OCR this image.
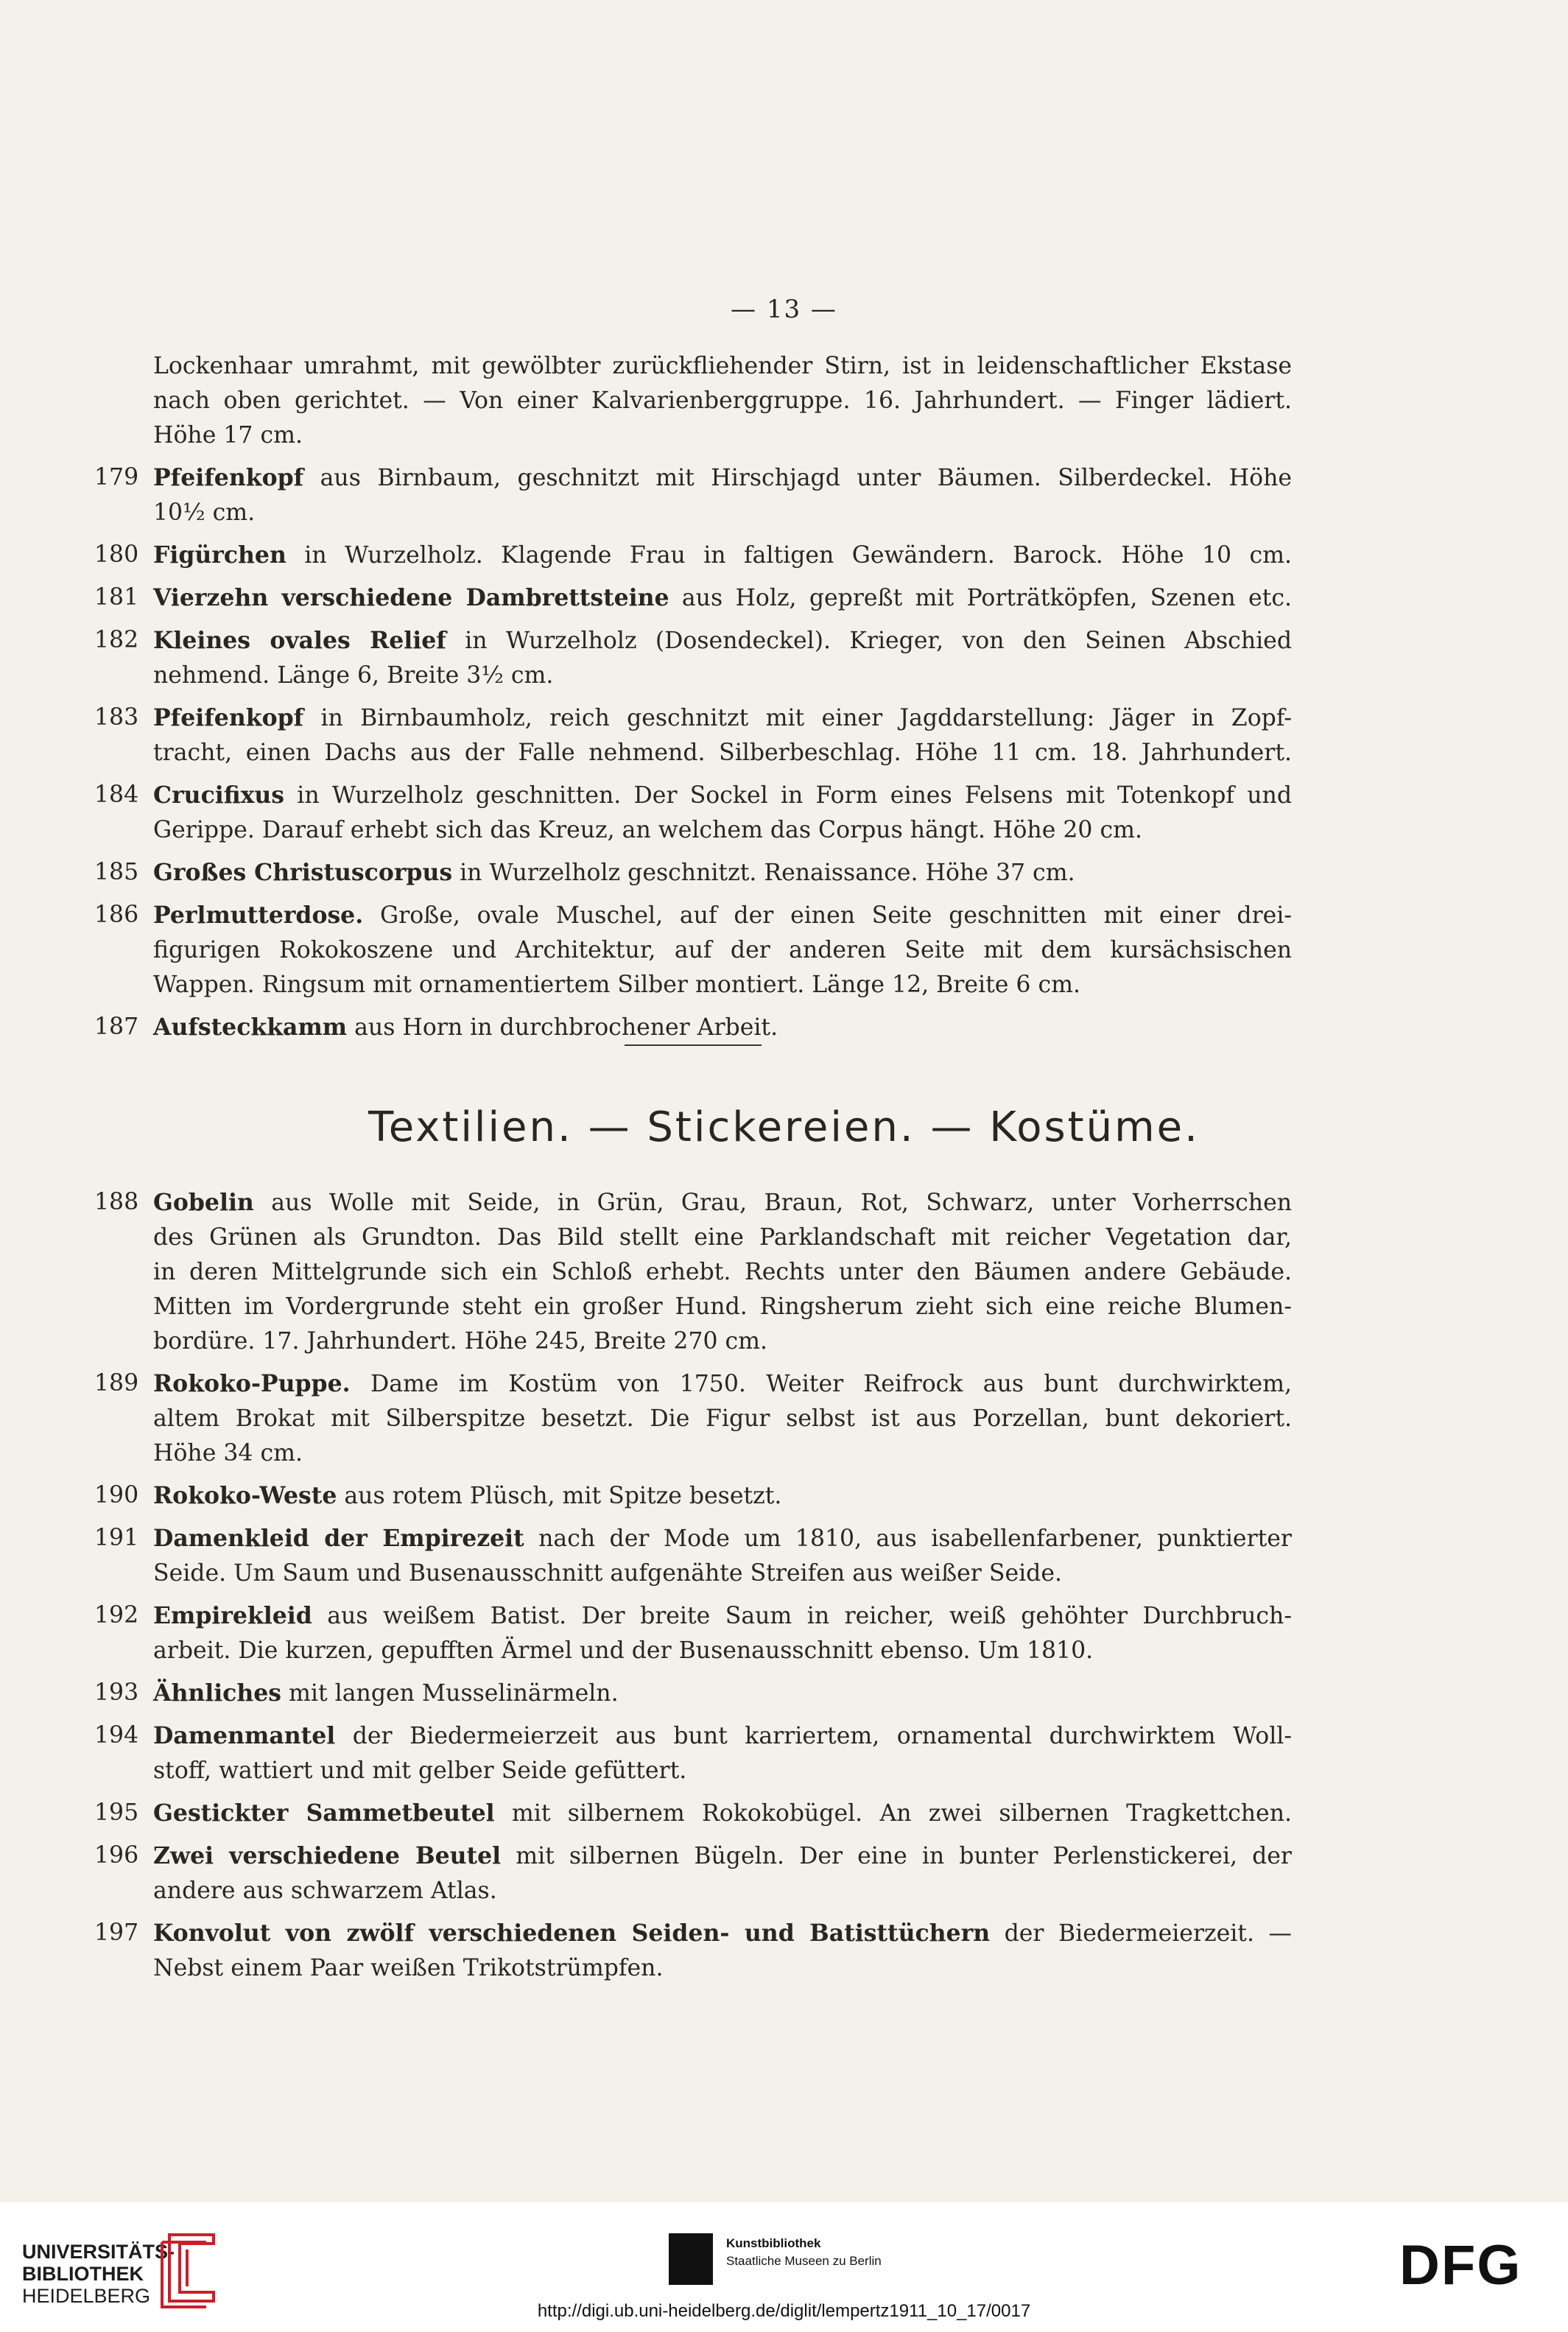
— 13 —
Lockenhaar umrahmt, mit gewölbter zurückfliehender Stirn, ist in leidenschaftlicher Ekstase
nach oben gerichtet. — Von einer Kalvarienberggruppe. 16. Jahrhundert. — Finger lädiert.
Höhe 17 cm.
179 Pfeifenkopf aus Birnbaum, geschnitzt mit Hirschjagd unter Bäumen. Silberdeckel. Höhe
10½ cm.
180 Figürchen in Wurzelholz. Klagende Frau in faltigen Gewändern. Barock. Höhe 10 cm.
181 Vierzehn verschiedene Dambrettsteine aus Holz, gepreßt mit Porträtköpfen, Szenen etc.
182 Kleines ovales Relief in Wurzelholz (Dosendeckel). Krieger, von den Seinen Abschied
nehmend. Länge 6, Breite 3½ cm.
183 Pfeifenkopf in Birnbaumholz, reich geschnitzt mit einer Jagddarstellung: Jäger in Zopf-
tracht, einen Dachs aus der Falle nehmend. Silberbeschlag. Höhe 11 cm. 18. Jahrhundert.
184 Crucifixus in Wurzelholz geschnitten. Der Sockel in Form eines Felsens mit Totenkopf und
Gerippe. Darauf erhebt sich das Kreuz, an welchem das Corpus hängt. Höhe 20 cm.
185 Großes Christuscorpus in Wurzelholz geschnitzt. Renaissance. Höhe 37 cm.
186 Perlmutterdose. Große, ovale Muschel, auf der einen Seite geschnitten mit einer drei-
figurigen Rokokoszene und Architektur, auf der anderen Seite mit dem kursächsischen
Wappen. Ringsum mit ornamentiertem Silber montiert. Länge 12, Breite 6 cm.
187 Aufsteckkamm aus Horn in durchbrochener Arbeit.
Textilien. — Stickereien. — Kostüme.
188 Gobelin aus Wolle mit Seide, in Grün, Grau, Braun, Rot, Schwarz, unter Vorherrschen
des Grünen als Grundton. Das Bild stellt eine Parklandschaft mit reicher Vegetation dar,
in deren Mittelgrunde sich ein Schloß erhebt. Rechts unter den Bäumen andere Gebäude.
Mitten im Vordergrunde steht ein großer Hund. Ringsherum zieht sich eine reiche Blumen-
bordüre. 17. Jahrhundert. Höhe 245, Breite 270 cm.
189 Rokoko-Puppe. Dame im Kostüm von 1750. Weiter Reifrock aus bunt durchwirktem,
altem Brokat mit Silberspitze besetzt. Die Figur selbst ist aus Porzellan, bunt dekoriert.
Höhe 34 cm.
190 Rokoko-Weste aus rotem Plüsch, mit Spitze besetzt.
191 Damenkleid der Empirezeit nach der Mode um 1810, aus isabellenfarbener, punktierter
Seide. Um Saum und Busenausschnitt aufgenähte Streifen aus weißer Seide.
192 Empirekleid aus weißem Batist. Der breite Saum in reicher, weiß gehöhter Durchbruch-
arbeit. Die kurzen, gepufften Ärmel und der Busenausschnitt ebenso. Um 1810.
193 Ähnliches mit langen Musselinärmeln.
194 Damenmantel der Biedermeierzeit aus bunt karriertem, ornamental durchwirktem Woll-
stoff, wattiert und mit gelber Seide gefüttert.
195 Gestickter Sammetbeutel mit silbernem Rokokobügel. An zwei silbernen Tragkettchen.
196 Zwei verschiedene Beutel mit silbernen Bügeln. Der eine in bunter Perlenstickerei, der
andere aus schwarzem Atlas.
197 Konvolut von zwölf verschiedenen Seiden- und Batisttüchern der Biedermeierzeit. —
Nebst einem Paar weißen Trikotstrümpfen.
UNIVERSITÄTS-
BIBLIOTHEK
HEIDELBERG
Kunstbibliothek
Staatliche Museen zu Berlin	DFG
http://digi.ub.uni-heidelberg.de/diglit/lempertz1911_10_17/0017
